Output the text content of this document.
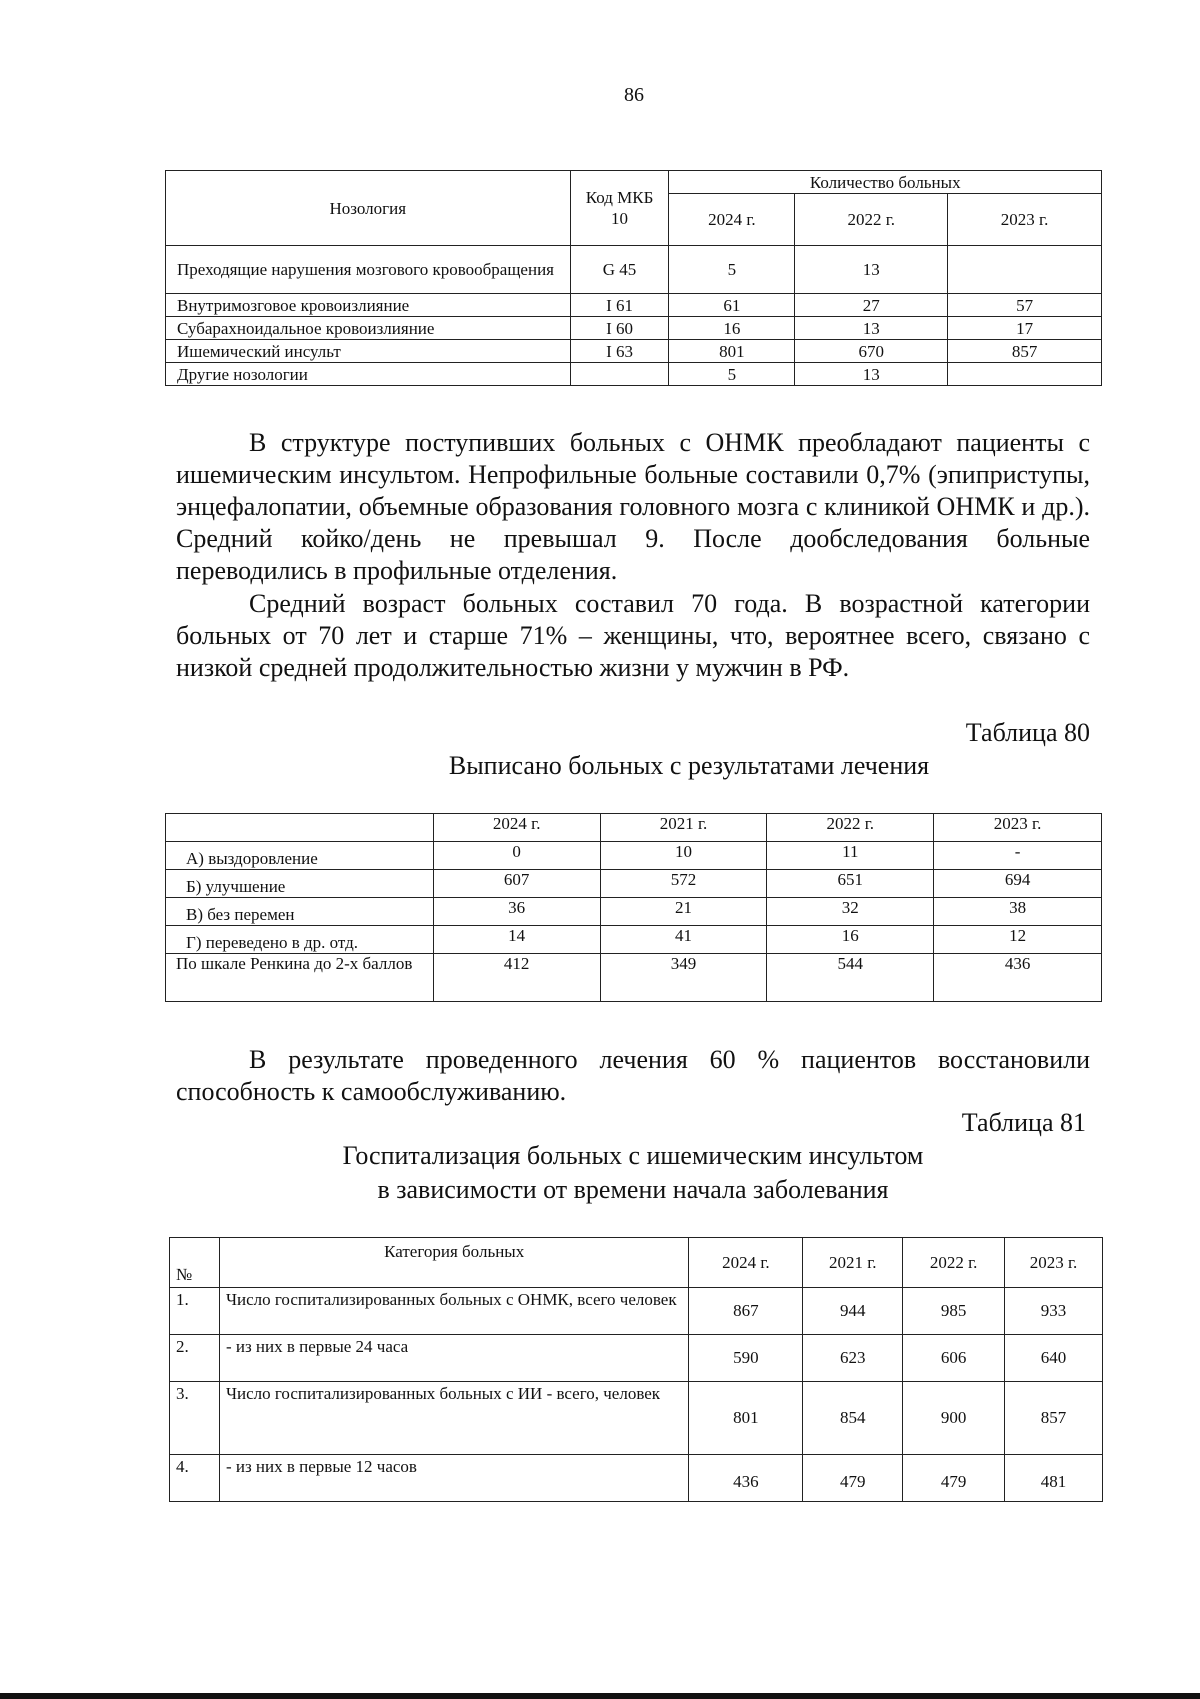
86
Нозология	Код МКБ 10	Количество больных		
		2024 г.	2022 г.	2023 г.
Преходящие нарушения мозгового кровообращения	G 45	5	13	
Внутримозговое кровоизлияние	I 61	61	27	57
Субарахноидальное кровоизлияние	I 60	16	13	17
Ишемический инсульт	I 63	801	670	857
Другие нозологии		5	13	
В структуре поступивших больных с ОНМК преобладают пациенты с ишемическим инсультом. Непрофильные больные составили 0,7% (эпиприступы, энцефалопатии, объемные образования головного мозга с клиникой ОНМК и др.). Средний койко/день не превышал 9. После дообследования больные переводились в профильные отделения.
Средний возраст больных составил 70 года. В возрастной категории больных от 70 лет и старше 71% – женщины, что, вероятнее всего, связано с низкой средней продолжительностью жизни у мужчин в РФ.
Таблица 80
Выписано больных с результатами лечения
	2024 г.	2021 г.	2022 г.	2023 г.
А) выздоровление	0	10	11	-
Б) улучшение	607	572	651	694
В) без перемен	36	21	32	38
Г) переведено в др. отд.	14	41	16	12
По шкале Ренкина до 2-х баллов	412	349	544	436
В результате проведенного лечения 60 % пациентов восстановили способность к самообслуживанию.
Таблица 81
Госпитализация больных с ишемическим инсультом
в зависимости от времени начала заболевания
№	Категория больных	2024 г.	2021 г.	2022 г.	2023 г.
1.	Число госпитализированных больных с ОНМК, всего человек	867	944	985	933
2.	- из них в первые 24 часа	590	623	606	640
3.	Число госпитализированных больных с ИИ - всего, человек	801	854	900	857
4.	- из них в первые 12 часов	436	479	479	481
